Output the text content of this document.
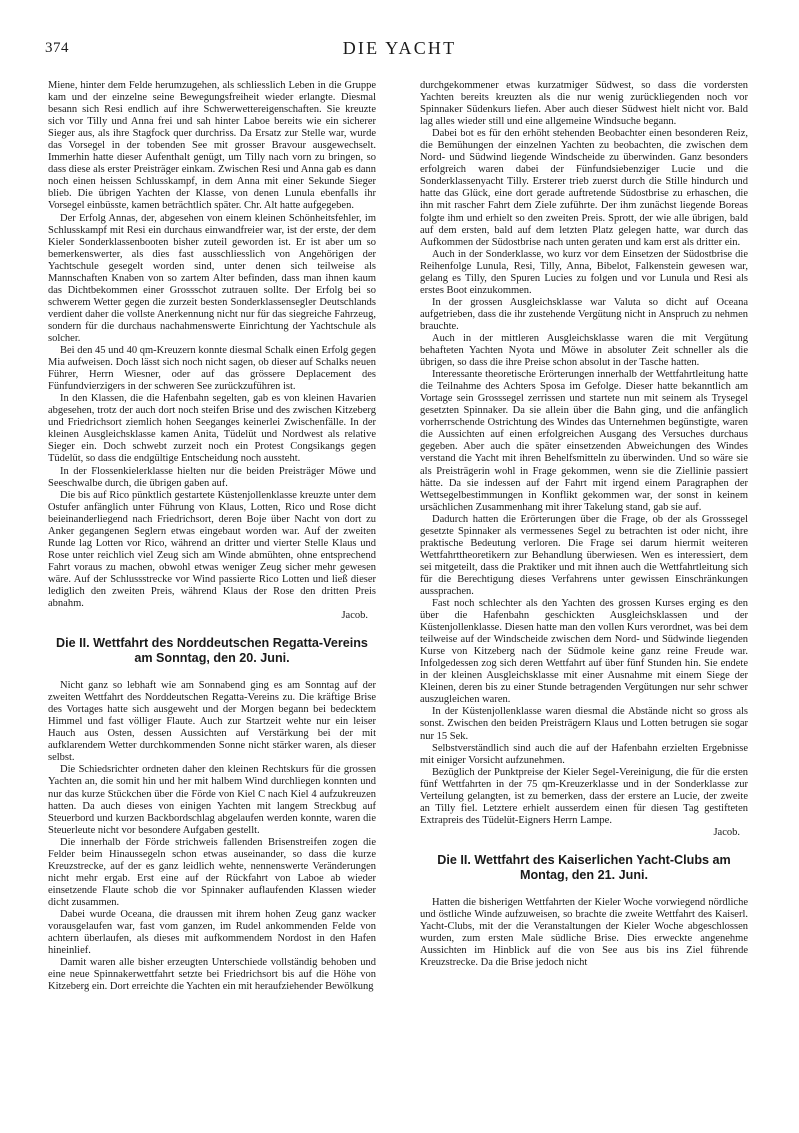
374	DIE YACHT

Miene, hinter dem Felde herumzugehen, als schliesslich Leben in die Gruppe kam und der einzelne seine Bewegungsfreiheit wieder erlangte. Diesmal besann sich Resi endlich auf ihre Schwerwettereigenschaften. Sie kreuzte sich vor Tilly und Anna frei und sah hinter Laboe bereits wie ein sicherer Sieger aus, als ihre Stagfock quer durchriss. Da Ersatz zur Stelle war, wurde das Vorsegel in der tobenden See mit grosser Bravour ausgewechselt. Immerhin hatte dieser Aufenthalt genügt, um Tilly nach vorn zu bringen, so dass diese als erster Preisträger einkam. Zwischen Resi und Anna gab es dann noch einen heissen Schlusskampf, in dem Anna mit einer Sekunde Sieger blieb. Die übrigen Yachten der Klasse, von denen Lunula ebenfalls ihr Vorsegel einbüsste, kamen beträchtlich später. Chr. Alt hatte aufgegeben.

Der Erfolg Annas, der, abgesehen von einem kleinen Schönheitsfehler, im Schlusskampf mit Resi ein durchaus einwandfreier war, ist der erste, der dem Kieler Sonderklassenbooten bisher zuteil geworden ist. Er ist aber um so bemerkenswerter, als dies fast ausschliesslich von Angehörigen der Yachtschule gesegelt worden sind, unter denen sich teilweise als Mannschaften Knaben von so zartem Alter befinden, dass man ihnen kaum das Dichtbekommen einer Grossschot zutrauen sollte. Der Erfolg bei so schwerem Wetter gegen die zurzeit besten Sonderklassensegler Deutschlands verdient daher die vollste Anerkennung nicht nur für das siegreiche Fahrzeug, sondern für die durchaus nachahmenswerte Einrichtung der Yachtschule als solcher.

Bei den 45 und 40 qm-Kreuzern konnte diesmal Schalk einen Erfolg gegen Mia aufweisen. Doch lässt sich noch nicht sagen, ob dieser auf Schalks neuen Führer, Herrn Wiesner, oder auf das grössere Deplacement des Fünfundvierzigers in der schweren See zurückzuführen ist.

In den Klassen, die die Hafenbahn segelten, gab es von kleinen Havarien abgesehen, trotz der auch dort noch steifen Brise und des zwischen Kitzeberg und Friedrichsort ziemlich hohen Seeganges keinerlei Zwischenfälle. In der kleinen Ausgleichsklasse kamen Anita, Tüdelüt und Nordwest als relative Sieger ein. Doch schwebt zurzeit noch ein Protest Congsikangs gegen Tüdelüt, so dass die endgültige Entscheidung noch aussteht.

In der Flossenkielerklasse hielten nur die beiden Preisträger Möwe und Seeschwalbe durch, die übrigen gaben auf.

Die bis auf Rico pünktlich gestartete Küstenjollenklasse kreuzte unter dem Ostufer anfänglich unter Führung von Klaus, Lotten, Rico und Rose dicht beieinanderliegend nach Friedrichsort, deren Boje über Nacht von dort zu Anker gegangenen Seglern etwas eingebaut worden war. Auf der zweiten Runde lag Lotten vor Rico, während an dritter und vierter Stelle Klaus und Rose unter reichlich viel Zeug sich am Winde abmühten, ohne entsprechend Fahrt voraus zu machen, obwohl etwas weniger Zeug sicher mehr gewesen wäre. Auf der Schlussstrecke vor Wind passierte Rico Lotten und ließ dieser lediglich den zweiten Preis, während Klaus der Rose den dritten Preis abnahm.

Jacob.

Die II. Wettfahrt des Norddeutschen Regatta-Vereins am Sonntag, den 20. Juni.

Nicht ganz so lebhaft wie am Sonnabend ging es am Sonntag auf der zweiten Wettfahrt des Norddeutschen Regatta-Vereins zu. Die kräftige Brise des Vortages hatte sich ausgeweht und der Morgen begann bei bedecktem Himmel und fast völliger Flaute. Auch zur Startzeit wehte nur ein leiser Hauch aus Osten, dessen Aussichten auf Verstärkung bei der mit aufklarendem Wetter durchkommenden Sonne nicht stärker waren, als dieser selbst.

Die Schiedsrichter ordneten daher den kleinen Rechtskurs für die grossen Yachten an, die somit hin und her mit halbem Wind durchliegen konnten und nur das kurze Stückchen über die Förde von Kiel C nach Kiel 4 aufzukreuzen hatten. Da auch dieses von einigen Yachten mit langem Streckbug auf Steuerbord und kurzen Backbordschlag abgelaufen werden konnte, waren die Steuerleute nicht vor besondere Aufgaben gestellt.

Die innerhalb der Förde strichweis fallenden Brisenstreifen zogen die Felder beim Hinaussegeln schon etwas auseinander, so dass die kurze Kreuzstrecke, auf der es ganz leidlich wehte, nennenswerte Veränderungen nicht mehr ergab. Erst eine auf der Rückfahrt von Laboe ab wieder einsetzende Flaute schob die vor Spinnaker auflaufenden Klassen wieder dicht zusammen.

Dabei wurde Oceana, die draussen mit ihrem hohen Zeug ganz wacker vorausgelaufen war, fast vom ganzen, im Rudel ankommenden Felde von achtern überlaufen, als dieses mit aufkommendem Nordost in den Hafen hineinlief.

Damit waren alle bisher erzeugten Unterschiede vollständig behoben und eine neue Spinnakerwettfahrt setzte bei Friedrichsort bis auf die Höhe von Kitzeberg ein. Dort erreichte die Yachten ein mit heraufziehender Bewölkung

durchgekommener etwas kurzatmiger Südwest, so dass die vordersten Yachten bereits kreuzten als die nur wenig zurückliegenden noch vor Spinnaker Südenkurs liefen. Aber auch dieser Südwest hielt nicht vor. Bald lag alles wieder still und eine allgemeine Windsuche begann.

Dabei bot es für den erhöht stehenden Beobachter einen besonderen Reiz, die Bemühungen der einzelnen Yachten zu beobachten, die zwischen dem Nord- und Südwind liegende Windscheide zu überwinden. Ganz besonders erfolgreich waren dabei der Fünfundsiebenziger Lucie und die Sonderklassenyacht Tilly. Ersterer trieb zuerst durch die Stille hindurch und hatte das Glück, eine dort gerade auftretende Südostbrise zu erhaschen, die ihn mit rascher Fahrt dem Ziele zuführte. Der ihm zunächst liegende Boreas folgte ihm und erhielt so den zweiten Preis. Sprott, der wie alle übrigen, bald auf dem ersten, bald auf dem letzten Platz gelegen hatte, war durch das Aufkommen der Südostbrise nach unten geraten und kam erst als dritter ein.

Auch in der Sonderklasse, wo kurz vor dem Einsetzen der Südostbrise die Reihenfolge Lunula, Resi, Tilly, Anna, Bibelot, Falkenstein gewesen war, gelang es Tilly, den Spuren Lucies zu folgen und vor Lunula und Resi als erstes Boot einzukommen.

In der grossen Ausgleichsklasse war Valuta so dicht auf Oceana aufgetrieben, dass die ihr zustehende Vergütung nicht in Anspruch zu nehmen brauchte.

Auch in der mittleren Ausgleichsklasse waren die mit Vergütung behafteten Yachten Nyota und Möwe in absoluter Zeit schneller als die übrigen, so dass die ihre Preise schon absolut in der Tasche hatten.

Interessante theoretische Erörterungen innerhalb der Wettfahrtleitung hatte die Teilnahme des Achters Sposa im Gefolge. Dieser hatte bekanntlich am Vortage sein Grosssegel zerrissen und startete nun mit seinem als Trysegel gesetzten Spinnaker. Da sie allein über die Bahn ging, und die anfänglich vorherrschende Ostrichtung des Windes das Unternehmen begünstigte, waren die Aussichten auf einen erfolgreichen Ausgang des Versuches durchaus gegeben. Aber auch die später einsetzenden Abweichungen des Windes verstand die Yacht mit ihren Behelfsmitteln zu überwinden. Und so wäre sie als Preisträgerin wohl in Frage gekommen, wenn sie die Ziellinie passiert hätte. Da sie indessen auf der Fahrt mit irgend einem Paragraphen der Wettsegelbestimmungen in Konflikt gekommen war, der sonst in keinem ursächlichen Zusammenhang mit ihrer Takelung stand, gab sie auf.

Dadurch hatten die Erörterungen über die Frage, ob der als Grosssegel gesetzte Spinnaker als vermessenes Segel zu betrachten ist oder nicht, ihre praktische Bedeutung verloren. Die Frage sei darum hiermit weiteren Wettfahrttheoretikern zur Behandlung überwiesen. Wen es interessiert, dem sei mitgeteilt, dass die Praktiker und mit ihnen auch die Wettfahrtleitung sich für die Berechtigung dieses Verfahrens unter gewissen Einschränkungen aussprachen.

Fast noch schlechter als den Yachten des grossen Kurses erging es den über die Hafenbahn geschickten Ausgleichsklassen und der Küstenjollenklasse. Diesen hatte man den vollen Kurs verordnet, was bei dem teilweise auf der Windscheide zwischen dem Nord- und Südwinde liegenden Kurse von Kitzeberg nach der Südmole keine ganz reine Freude war. Infolgedessen zog sich deren Wettfahrt auf über fünf Stunden hin. Sie endete in der kleinen Ausgleichsklasse mit einer Ausnahme mit einem Siege der Kleinen, deren bis zu einer Stunde betragenden Vergütungen nur sehr schwer auszugleichen waren.

In der Küstenjollenklasse waren diesmal die Abstände nicht so gross als sonst. Zwischen den beiden Preisträgern Klaus und Lotten betrugen sie sogar nur 15 Sek.

Selbstverständlich sind auch die auf der Hafenbahn erzielten Ergebnisse mit einiger Vorsicht aufzunehmen.

Bezüglich der Punktpreise der Kieler Segel-Vereinigung, die für die ersten fünf Wettfahrten in der 75 qm-Kreuzerklasse und in der Sonderklasse zur Verteilung gelangten, ist zu bemerken, dass der erstere an Lucie, der zweite an Tilly fiel. Letztere erhielt ausserdem einen für diesen Tag gestifteten Extrapreis des Tüdelüt-Eigners Herrn Lampe.

Jacob.

Die II. Wettfahrt des Kaiserlichen Yacht-Clubs am Montag, den 21. Juni.

Hatten die bisherigen Wettfahrten der Kieler Woche vorwiegend nördliche und östliche Winde aufzuweisen, so brachte die zweite Wettfahrt des Kaiserl. Yacht-Clubs, mit der die Veranstaltungen der Kieler Woche abgeschlossen wurden, zum ersten Male südliche Brise. Dies erweckte angenehme Aussichten im Hinblick auf die von See aus bis ins Ziel führende Kreuzstrecke. Da die Brise jedoch nicht
